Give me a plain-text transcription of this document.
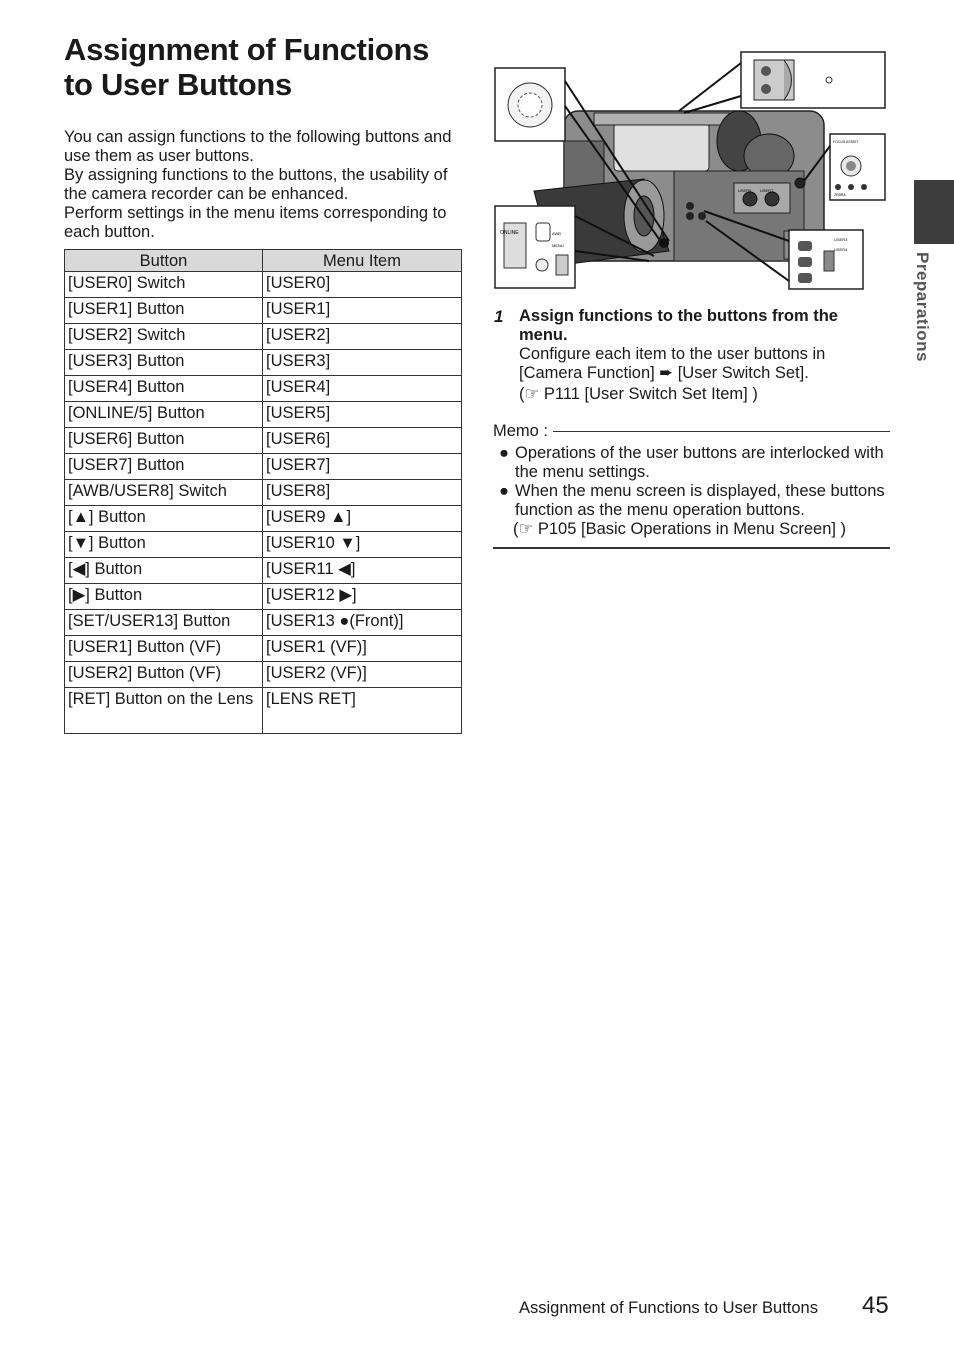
Assignment of Functions
to User Buttons

You can assign functions to the following buttons and use them as user buttons.

By assigning functions to the buttons, the usability of the camera recorder can be enhanced.

Perform settings in the menu items corresponding to each button.

Button	Menu Item
[USER0] Switch	[USER0]
[USER1] Button	[USER1]
[USER2] Switch	[USER2]
[USER3] Button	[USER3]
[USER4] Button	[USER4]
[ONLINE/5] Button	[USER5]
[USER6] Button	[USER6]
[USER7] Button	[USER7]
[AWB/USER8] Switch	[USER8]
[▲] Button	[USER9 ▲]
[▼] Button	[USER10 ▼]
[◀] Button	[USER11 ◀]
[▶] Button	[USER12 ▶]
[SET/USER13] Button	[USER13 ●(Front)]
[USER1] Button (VF)	[USER1 (VF)]
[USER2] Button (VF)	[USER2 (VF)]
[RET] Button on the Lens	[LENS RET]
ONLINE
USER6 USER7
FOCUS ASSIST
ZEBRA
AWB
MENU
USER3
USER4
1 Assign functions to the buttons from the menu.
Configure each item to the user buttons in
[Camera Function] ➨ [User Switch Set].
(☞ P111 [User Switch Set Item] )
Memo :
● Operations of the user buttons are interlocked with the menu settings.
● When the menu screen is displayed, these buttons function as the menu operation buttons.
(☞ P105 [Basic Operations in Menu Screen] )
Preparations
Assignment of Functions to User Buttons 45
